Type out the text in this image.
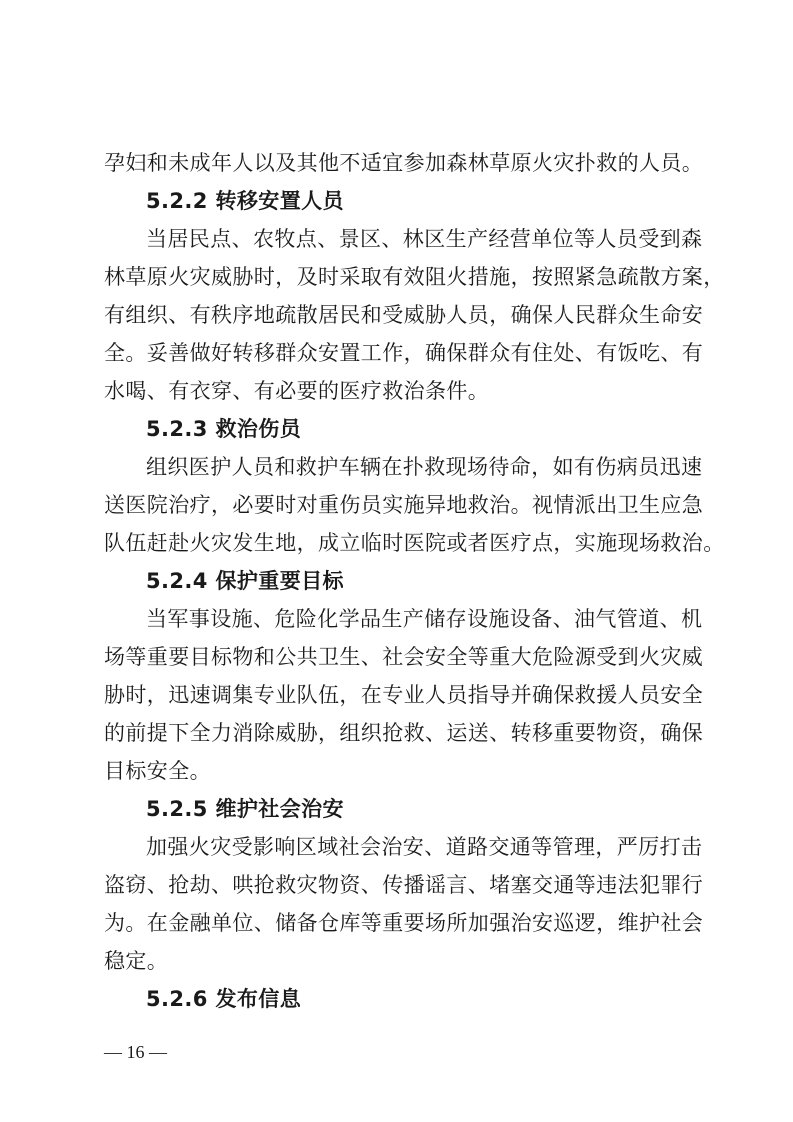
孕妇和未成年人以及其他不适宜参加森林草原火灾扑救的人员。
5.2.2 转移安置人员
当居民点、农牧点、景区、林区生产经营单位等人员受到森
林草原火灾威胁时，及时采取有效阻火措施，按照紧急疏散方案，
有组织、有秩序地疏散居民和受威胁人员，确保人民群众生命安
全。妥善做好转移群众安置工作，确保群众有住处、有饭吃、有
水喝、有衣穿、有必要的医疗救治条件。
5.2.3 救治伤员
组织医护人员和救护车辆在扑救现场待命，如有伤病员迅速
送医院治疗，必要时对重伤员实施异地救治。视情派出卫生应急
队伍赶赴火灾发生地，成立临时医院或者医疗点，实施现场救治。
5.2.4 保护重要目标
当军事设施、危险化学品生产储存设施设备、油气管道、机
场等重要目标物和公共卫生、社会安全等重大危险源受到火灾威
胁时，迅速调集专业队伍，在专业人员指导并确保救援人员安全
的前提下全力消除威胁，组织抢救、运送、转移重要物资，确保
目标安全。
5.2.5 维护社会治安
加强火灾受影响区域社会治安、道路交通等管理，严厉打击
盗窃、抢劫、哄抢救灾物资、传播谣言、堵塞交通等违法犯罪行
为。在金融单位、储备仓库等重要场所加强治安巡逻，维护社会
稳定。
5.2.6 发布信息
— 16 —
